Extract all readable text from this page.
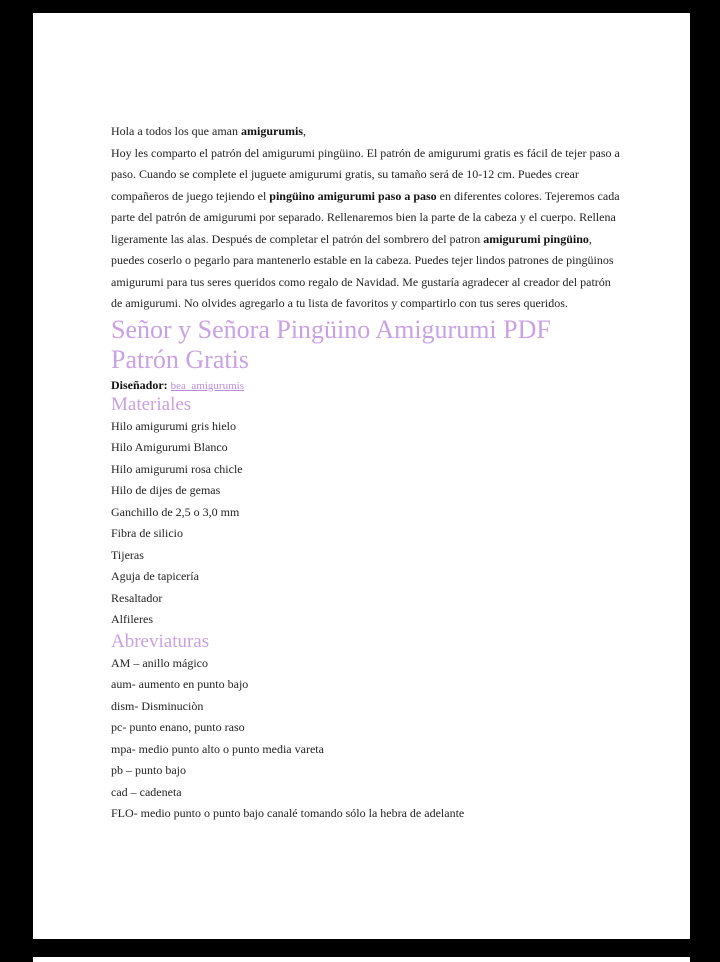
Hola a todos los que aman amigurumis,
Hoy les comparto el patrón del amigurumi pingüino. El patrón de amigurumi gratis es fácil de tejer paso a paso. Cuando se complete el juguete amigurumi gratis, su tamaño será de 10-12 cm. Puedes crear compañeros de juego tejiendo el pingüino amigurumi paso a paso en diferentes colores. Tejeremos cada parte del patrón de amigurumi por separado. Rellenaremos bien la parte de la cabeza y el cuerpo. Rellena ligeramente las alas. Después de completar el patrón del sombrero del patron amigurumi pingüino, puedes coserlo o pegarlo para mantenerlo estable en la cabeza. Puedes tejer lindos patrones de pingüinos amigurumi para tus seres queridos como regalo de Navidad. Me gustaría agradecer al creador del patrón de amigurumi. No olvides agregarlo a tu lista de favoritos y compartirlo con tus seres queridos.

Señor y Señora Pingüino Amigurumi PDF Patrón Gratis
Diseñador: bea_amigurumis
Materiales
Hilo amigurumi gris hielo
Hilo Amigurumi Blanco
Hilo amigurumi rosa chicle
Hilo de dijes de gemas
Ganchillo de 2,5 o 3,0 mm
Fibra de silicio
Tijeras
Aguja de tapicería
Resaltador
Alfileres
Abreviaturas
AM – anillo mágico
aum- aumento en punto bajo
dism- Disminuciòn
pc- punto enano, punto raso
mpa- medio punto alto o punto media vareta
pb – punto bajo
cad – cadeneta
FLO- medio punto o punto bajo canalé tomando sólo la hebra de adelante
